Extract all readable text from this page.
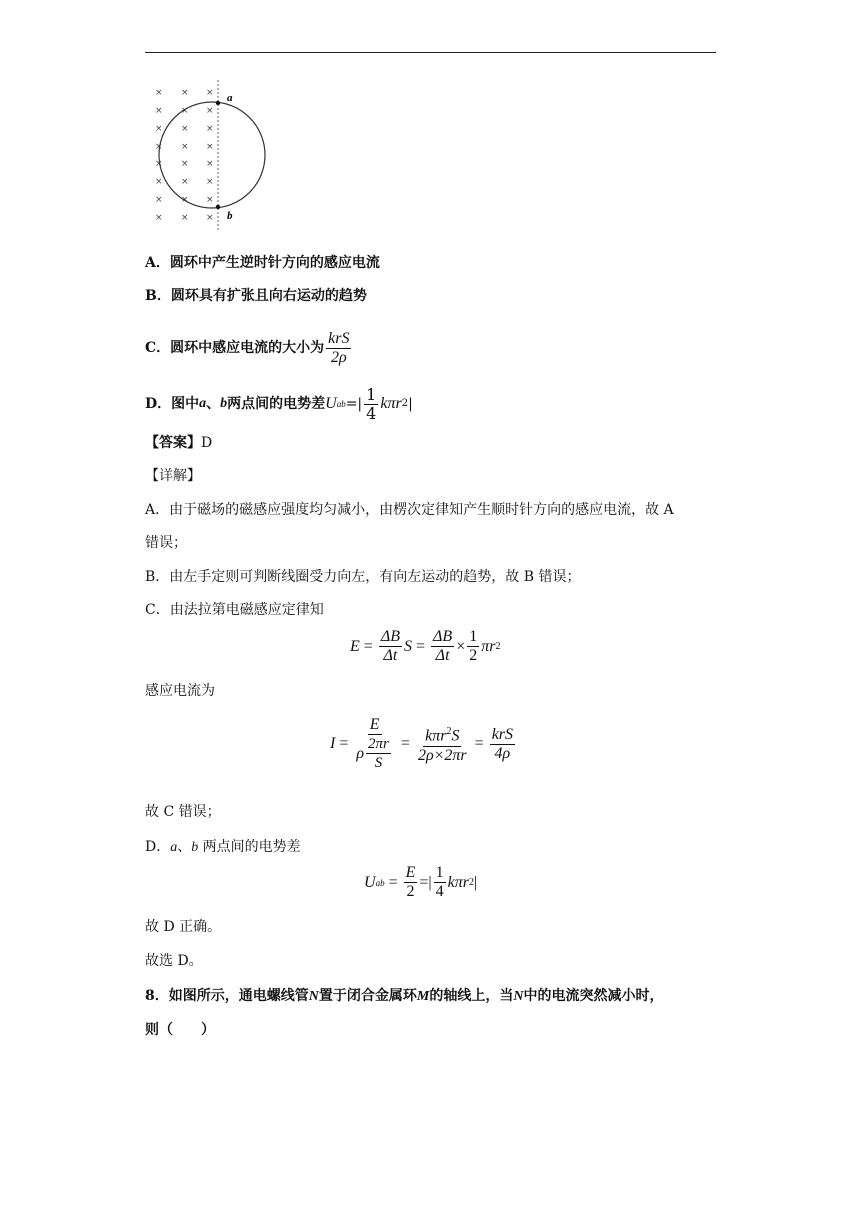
× × ×
× × ×
× × ×
× × ×
× × ×
× × ×
× × ×
× × ×
a
b
A．圆环中产生逆时针方向的感应电流
B．圆环具有扩张且向右运动的趋势
C． 圆环中感应电流的大小为 $\frac{\text{krS}}{2\rho}$
D． 图中 a 、 b 两点间的电势差 U ab =| $\frac{1}{4}$ kπr 2 |
【答案】D
【详解】
A．由于磁场的磁感应强度均匀减小，由楞次定律知产生顺时针方向的感应电流，故 A
错误；
B．由左手定则可判断线圈受力向左，有向左运动的趋势，故 B 错误；
C．由法拉第电磁感应定律知
$E = \frac{\Delta B}{\Delta t}$ $S = \frac{\Delta B}{\Delta t} \times \frac{1}{2}$ πr 2
感应电流为
$I = \frac{E}{\rho \frac{2\pi r}{S}} = \frac{k\pi r^2S}{2\rho\times 2\pi r} = \frac{\text{krS}}{4\rho}$
故 C 错误；
D．a、b 两点间的电势差
U ab = $\frac{E}{2}$ =| $\frac{1}{4}$ kπr 2 |
故 D 正确。
故选 D。
8．如图所示，通电螺线管N置于闭合金属环M的轴线上，当N中的电流突然减小时，
则（　　）
